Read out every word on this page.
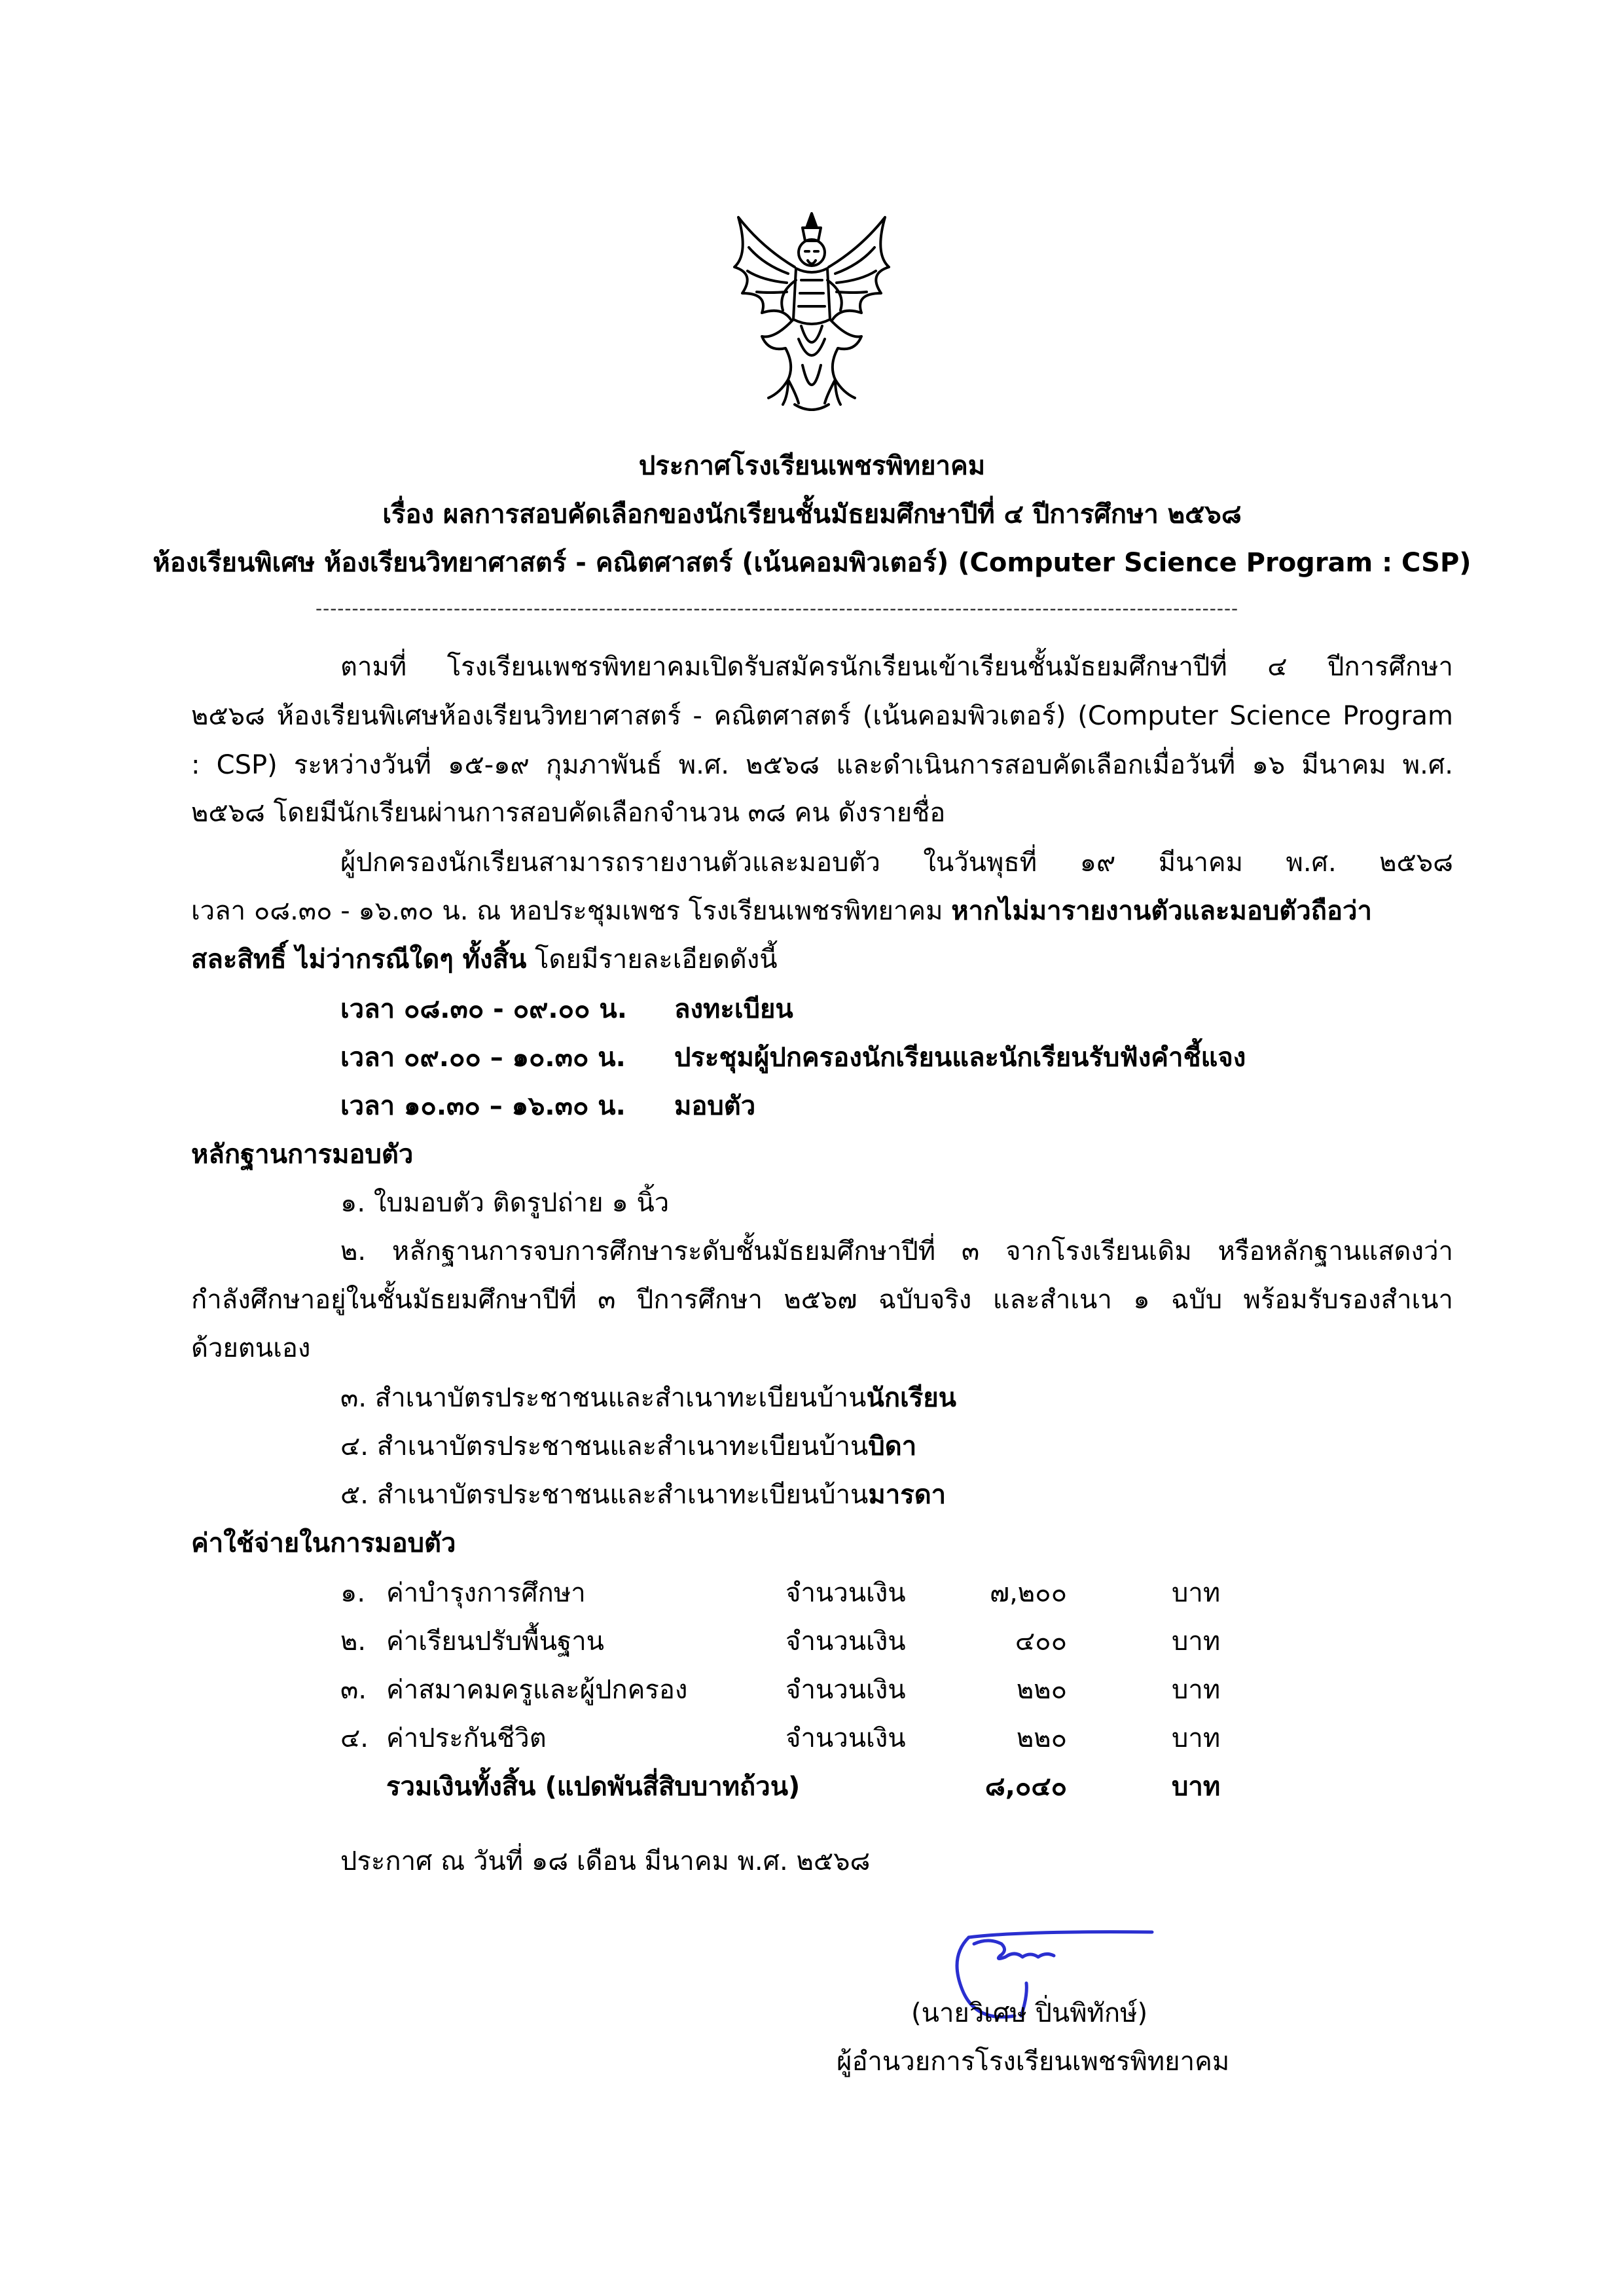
ประกาศโรงเรียนเพชรพิทยาคม
เรื่อง ผลการสอบคัดเลือกของนักเรียนชั้นมัธยมศึกษาปีที่ ๔ ปีการศึกษา ๒๕๖๘
ห้องเรียนพิเศษ ห้องเรียนวิทยาศาสตร์ - คณิตศาสตร์ (เน้นคอมพิวเตอร์) (Computer Science Program : CSP)
-------------------------------------------------------------------------------------------------------------------------------
ตามที่ โรงเรียนเพชรพิทยาคมเปิดรับสมัครนักเรียนเข้าเรียนชั้นมัธยมศึกษาปีที่ ๔ ปีการศึกษา
๒๕๖๘ ห้องเรียนพิเศษห้องเรียนวิทยาศาสตร์ - คณิตศาสตร์ (เน้นคอมพิวเตอร์) (Computer Science Program
: CSP) ระหว่างวันที่ ๑๕-๑๙ กุมภาพันธ์ พ.ศ. ๒๕๖๘ และดำเนินการสอบคัดเลือกเมื่อวันที่ ๑๖ มีนาคม พ.ศ.
๒๕๖๘ โดยมีนักเรียนผ่านการสอบคัดเลือกจำนวน ๓๘ คน ดังรายชื่อ
ผู้ปกครองนักเรียนสามารถรายงานตัวและมอบตัว ในวันพุธที่ ๑๙ มีนาคม พ.ศ. ๒๕๖๘
เวลา ๐๘.๓๐ - ๑๖.๓๐ น. ณ หอประชุมเพชร โรงเรียนเพชรพิทยาคม หากไม่มารายงานตัวและมอบตัวถือว่า
สละสิทธิ์ ไม่ว่ากรณีใดๆ ทั้งสิ้น โดยมีรายละเอียดดังนี้
เวลา ๐๘.๓๐ - ๐๙.๐๐ น. ลงทะเบียน
เวลา ๐๙.๐๐ – ๑๐.๓๐ น. ประชุมผู้ปกครองนักเรียนและนักเรียนรับฟังคำชี้แจง
เวลา ๑๐.๓๐ – ๑๖.๓๐ น. มอบตัว
หลักฐานการมอบตัว
๑. ใบมอบตัว ติดรูปถ่าย ๑ นิ้ว
๒. หลักฐานการจบการศึกษาระดับชั้นมัธยมศึกษาปีที่ ๓ จากโรงเรียนเดิม หรือหลักฐานแสดงว่า
กำลังศึกษาอยู่ในชั้นมัธยมศึกษาปีที่ ๓ ปีการศึกษา ๒๕๖๗ ฉบับจริง และสำเนา ๑ ฉบับ พร้อมรับรองสำเนา
ด้วยตนเอง
๓. สำเนาบัตรประชาชนและสำเนาทะเบียนบ้านนักเรียน
๔. สำเนาบัตรประชาชนและสำเนาทะเบียนบ้านบิดา
๕. สำเนาบัตรประชาชนและสำเนาทะเบียนบ้านมารดา
ค่าใช้จ่ายในการมอบตัว
๑. ค่าบำรุงการศึกษา	จำนวนเงิน	๗,๒๐๐	บาท
๒. ค่าเรียนปรับพื้นฐาน	จำนวนเงิน	๔๐๐	บาท
๓. ค่าสมาคมครูและผู้ปกครอง	จำนวนเงิน	๒๒๐	บาท
๔. ค่าประกันชีวิต	จำนวนเงิน	๒๒๐	บาท
รวมเงินทั้งสิ้น (แปดพันสี่สิบบาทถ้วน)	๘,๐๔๐	บาท
ประกาศ ณ วันที่ ๑๘ เดือน มีนาคม พ.ศ. ๒๕๖๘
(นายวิเศษ ปิ่นพิทักษ์)
ผู้อำนวยการโรงเรียนเพชรพิทยาคม
